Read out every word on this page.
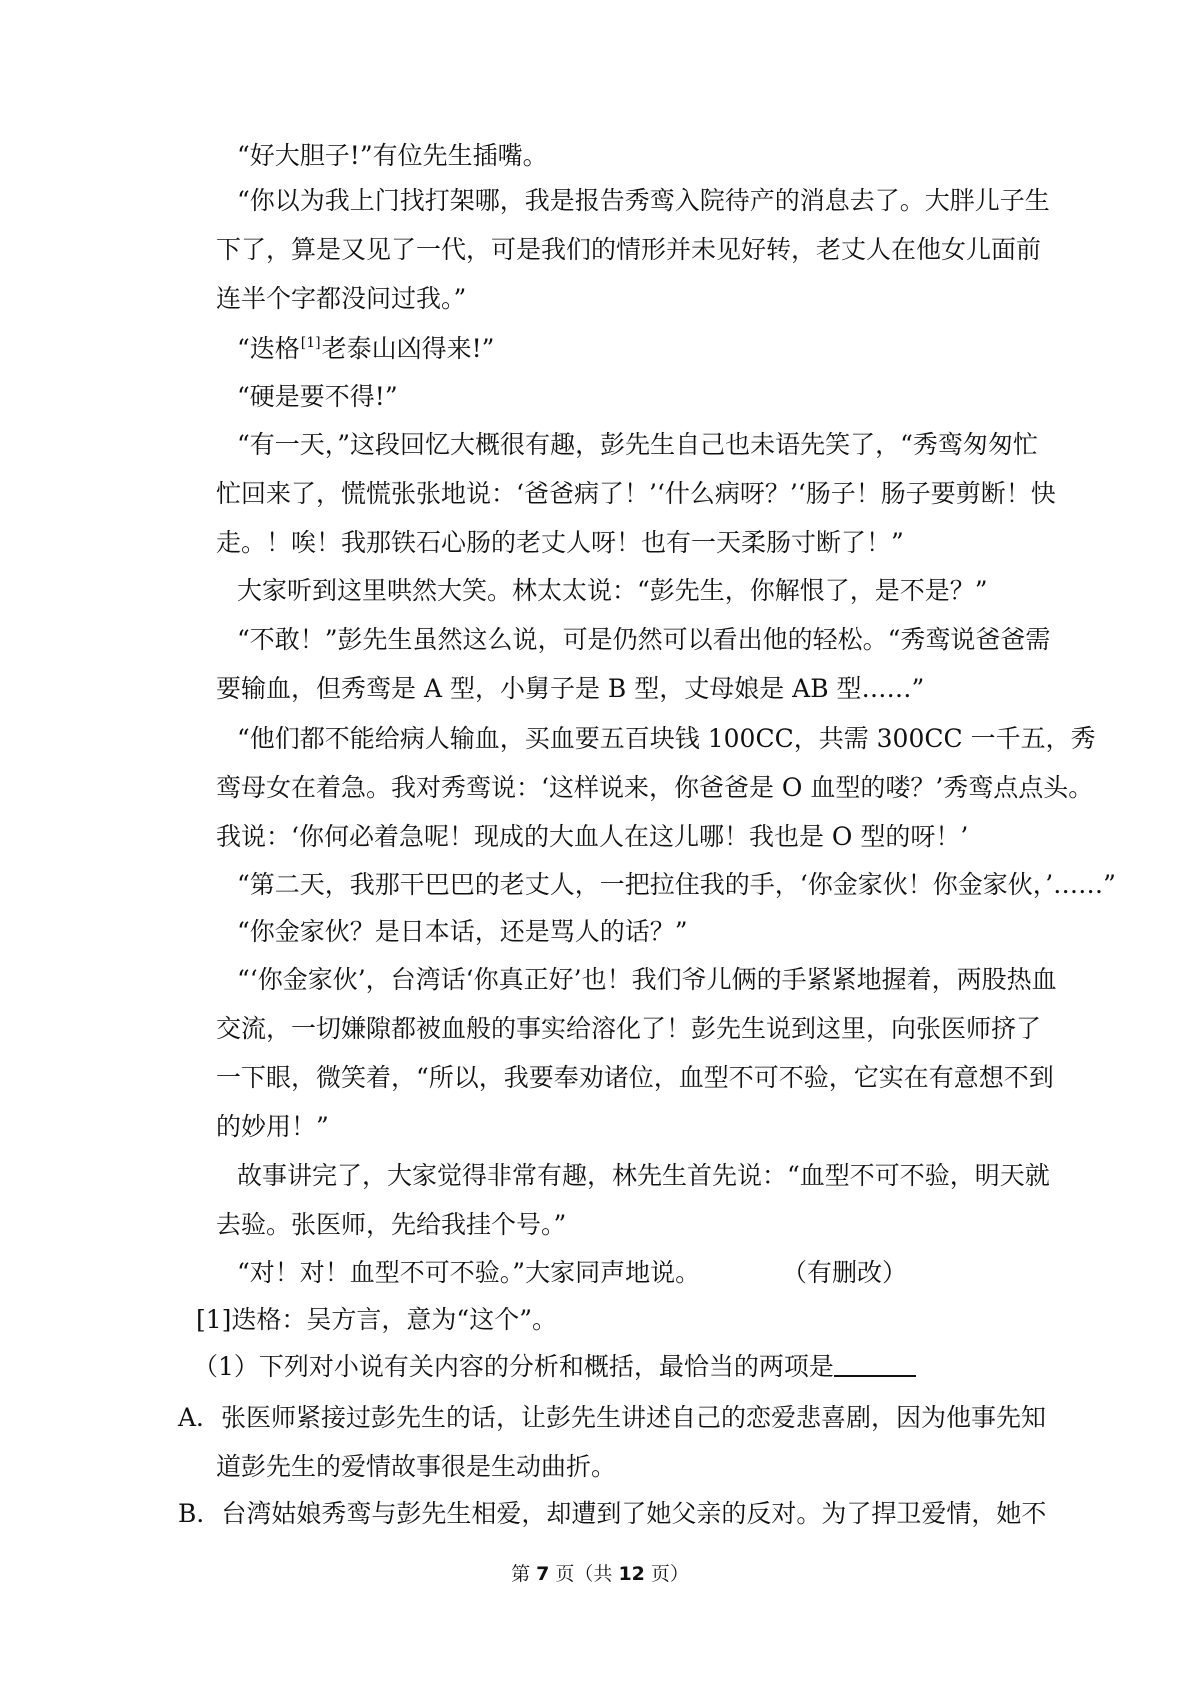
“好大胆子!”有位先生插嘴。
“你以为我上门找打架哪，我是报告秀鸾入院待产的消息去了。大胖儿子生
下了，算是又见了一代，可是我们的情形并未见好转，老丈人在他女儿面前
连半个字都没问过我。”
“迭格[1]老泰山凶得来!”
“硬是要不得!”
“有一天，”这段回忆大概很有趣，彭先生自己也未语先笑了，“秀鸾匆匆忙
忙回来了，慌慌张张地说：‘爸爸病了！’‘什么病呀？’‘肠子！肠子要剪断！快
走。！唉！我那铁石心肠的老丈人呀！也有一天柔肠寸断了！”
大家听到这里哄然大笑。林太太说：“彭先生，你解恨了，是不是？”
“不敢！”彭先生虽然这么说，可是仍然可以看出他的轻松。“秀鸾说爸爸需
要输血，但秀鸾是 A 型，小舅子是 B 型，丈母娘是 AB 型……”
“他们都不能给病人输血，买血要五百块钱 100CC，共需 300CC 一千五，秀
鸾母女在着急。我对秀鸾说：‘这样说来，你爸爸是 O 血型的喽？’秀鸾点点头。
我说：‘你何必着急呢！现成的大血人在这儿哪！我也是 O 型的呀！’
“第二天，我那干巴巴的老丈人，一把拉住我的手，‘你金家伙！你金家伙，’……”
“你金家伙？是日本话，还是骂人的话？”
“‘你金家伙’，台湾话‘你真正好’也！我们爷儿俩的手紧紧地握着，两股热血
交流，一切嫌隙都被血般的事实给溶化了！彭先生说到这里，向张医师挤了
一下眼，微笑着，“所以，我要奉劝诸位，血型不可不验，它实在有意想不到
的妙用！”
故事讲完了，大家觉得非常有趣，林先生首先说：“血型不可不验，明天就
去验。张医师，先给我挂个号。”
“对！对！血型不可不验。”大家同声地说。	（有删改）
[1]迭格：吴方言，意为“这个”。
（1）下列对小说有关内容的分析和概括，最恰当的两项是
A．张医师紧接过彭先生的话，让彭先生讲述自己的恋爱悲喜剧，因为他事先知
道彭先生的爱情故事很是生动曲折。
B．台湾姑娘秀鸾与彭先生相爱，却遭到了她父亲的反对。为了捍卫爱情，她不
第 7 页（共 12 页）
